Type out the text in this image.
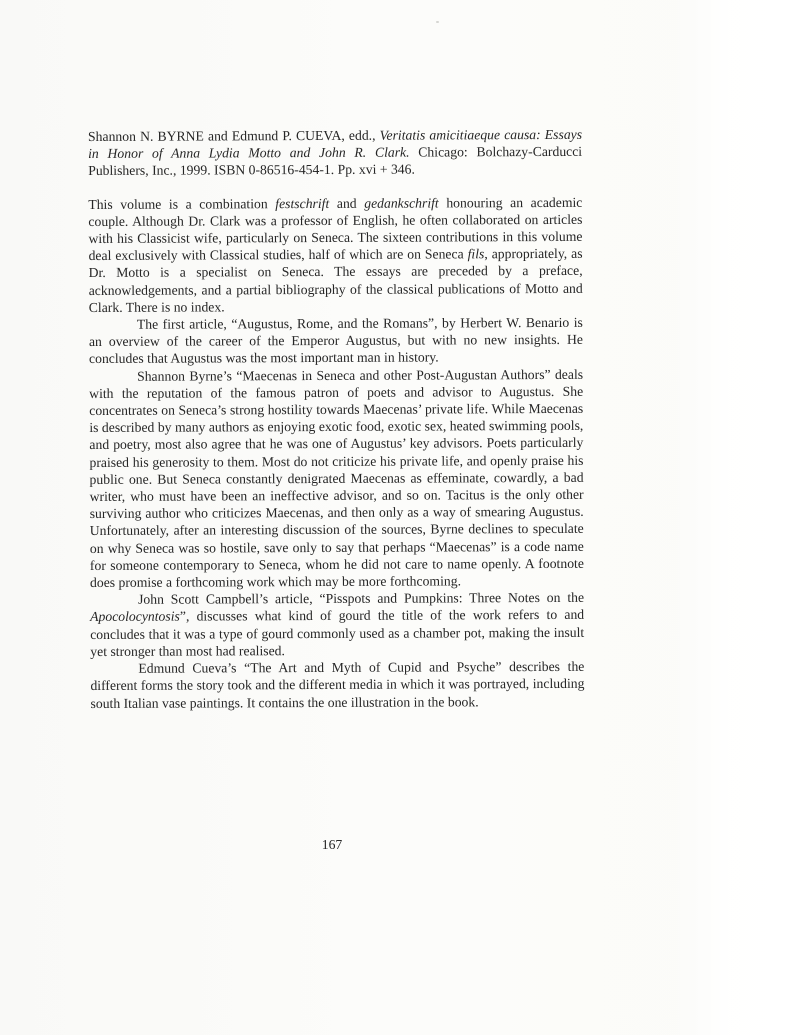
Shannon N. BYRNE and Edmund P. CUEVA, edd., Veritatis amicitiaeque causa: Essays in Honor of Anna Lydia Motto and John R. Clark. Chicago: Bolchazy-Carducci Publishers, Inc., 1999. ISBN 0-86516-454-1. Pp. xvi + 346.

This volume is a combination festschrift and gedankschrift honouring an academic couple. Although Dr. Clark was a professor of English, he often collaborated on articles with his Classicist wife, particularly on Seneca. The sixteen contributions in this volume deal exclusively with Classical studies, half of which are on Seneca fils, appropriately, as Dr. Motto is a specialist on Seneca. The essays are preceded by a preface, acknowledgements, and a partial bibliography of the classical publications of Motto and Clark. There is no index.

The first article, “Augustus, Rome, and the Romans”, by Herbert W. Benario is an overview of the career of the Emperor Augustus, but with no new insights. He concludes that Augustus was the most important man in history.

Shannon Byrne’s “Maecenas in Seneca and other Post-Augustan Authors” deals with the reputation of the famous patron of poets and advisor to Augustus. She concentrates on Seneca’s strong hostility towards Maecenas’ private life. While Maecenas is described by many authors as enjoying exotic food, exotic sex, heated swimming pools, and poetry, most also agree that he was one of Augustus’ key advisors. Poets particularly praised his generosity to them. Most do not criticize his private life, and openly praise his public one. But Seneca constantly denigrated Maecenas as effeminate, cowardly, a bad writer, who must have been an ineffective advisor, and so on. Tacitus is the only other surviving author who criticizes Maecenas, and then only as a way of smearing Augustus. Unfortunately, after an interesting discussion of the sources, Byrne declines to speculate on why Seneca was so hostile, save only to say that perhaps “Maecenas” is a code name for someone contemporary to Seneca, whom he did not care to name openly. A footnote does promise a forthcoming work which may be more forthcoming.

John Scott Campbell’s article, “Pisspots and Pumpkins: Three Notes on the Apocolocyntosis”, discusses what kind of gourd the title of the work refers to and concludes that it was a type of gourd commonly used as a chamber pot, making the insult yet stronger than most had realised.

Edmund Cueva’s “The Art and Myth of Cupid and Psyche” describes the different forms the story took and the different media in which it was portrayed, including south Italian vase paintings. It contains the one illustration in the book.

167
